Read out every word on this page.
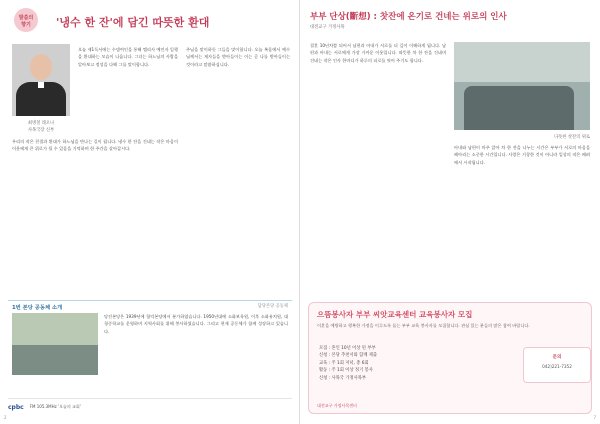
말씀의
향기	'냉수 한 잔'에 담긴 따뜻한 환대
최병철 레오나
사목국장 신부

오늘 제1독서에는 수넴여인을 통해 엘리사 예언자 일행을 환대하는 모습이 나옵니다. 그녀는 하느님의 사람을 알아보고 정성을 다해 그를 맞이합니다.

주님을 맞이하듯 그들을 맞이합니다. 오늘 복음에서 예수님께서는 제자들을 받아들이는 이는 곧 나를 받아들이는 것이라고 말씀하십니다.

우리의 작은 친절과 환대가 하느님을 만나는 길이 됩니다. 냉수 한 잔을 건네는 작은 마음이 이웃에게 큰 위로가 될 수 있음을 기억하며 한 주간을 살아갑시다.

1번 본당 공동체 소개	담당본당 공동체

당진본당은 1939년에 합덕본당에서 분가하였습니다. 1950년대에 소화보육원, 이후 소화유치원, 대청중학교를 운영하며 지역사회를 위해 봉사하였습니다. 그리고 현재 공동체가 함께 성장하고 있습니다.

cpbc FM 105.3MHz '오늘의 교회'
2
부부 단상(斷想) : 찻잔에 온기로 건네는 위로의 인사
대전교구 가정사목

결혼 10년차쯤 되어서 남편과 아내가 서로를 더 깊이 이해하게 됩니다. 남편과 아내는 서로에게 가장 가까운 이웃입니다. 따뜻한 차 한 잔을 건네며 건네는 작은 인사 한마디가 하루의 피로를 씻어 주기도 합니다.

다뜻한 찻잔의 위로

아내와 남편이 마주 앉아 차 한 잔을 나누는 시간은 부부가 서로의 마음을 헤아리는 소중한 시간입니다. 사랑은 거창한 것이 아니라 일상의 작은 배려에서 시작됩니다.

으뜸봉사자 부부 씨앗교육센터 교육봉사자 모집
이혼을 예방하고 행복한 가정을 이루도록 돕는 부부 교육 봉사자를 모집합니다. 관심 있는 분들의 많은 참여 바랍니다.

모집 : 혼인 10년 이상 된 부부

신청 : 본당 추천서와 함께 제출

교육 : 주 1회 저녁, 총 6회

활동 : 주 1회 이상 정기 봉사

신청 : 사목국 가정사목부

문의
042)221-7352
대전교구 가정사목센터
7
